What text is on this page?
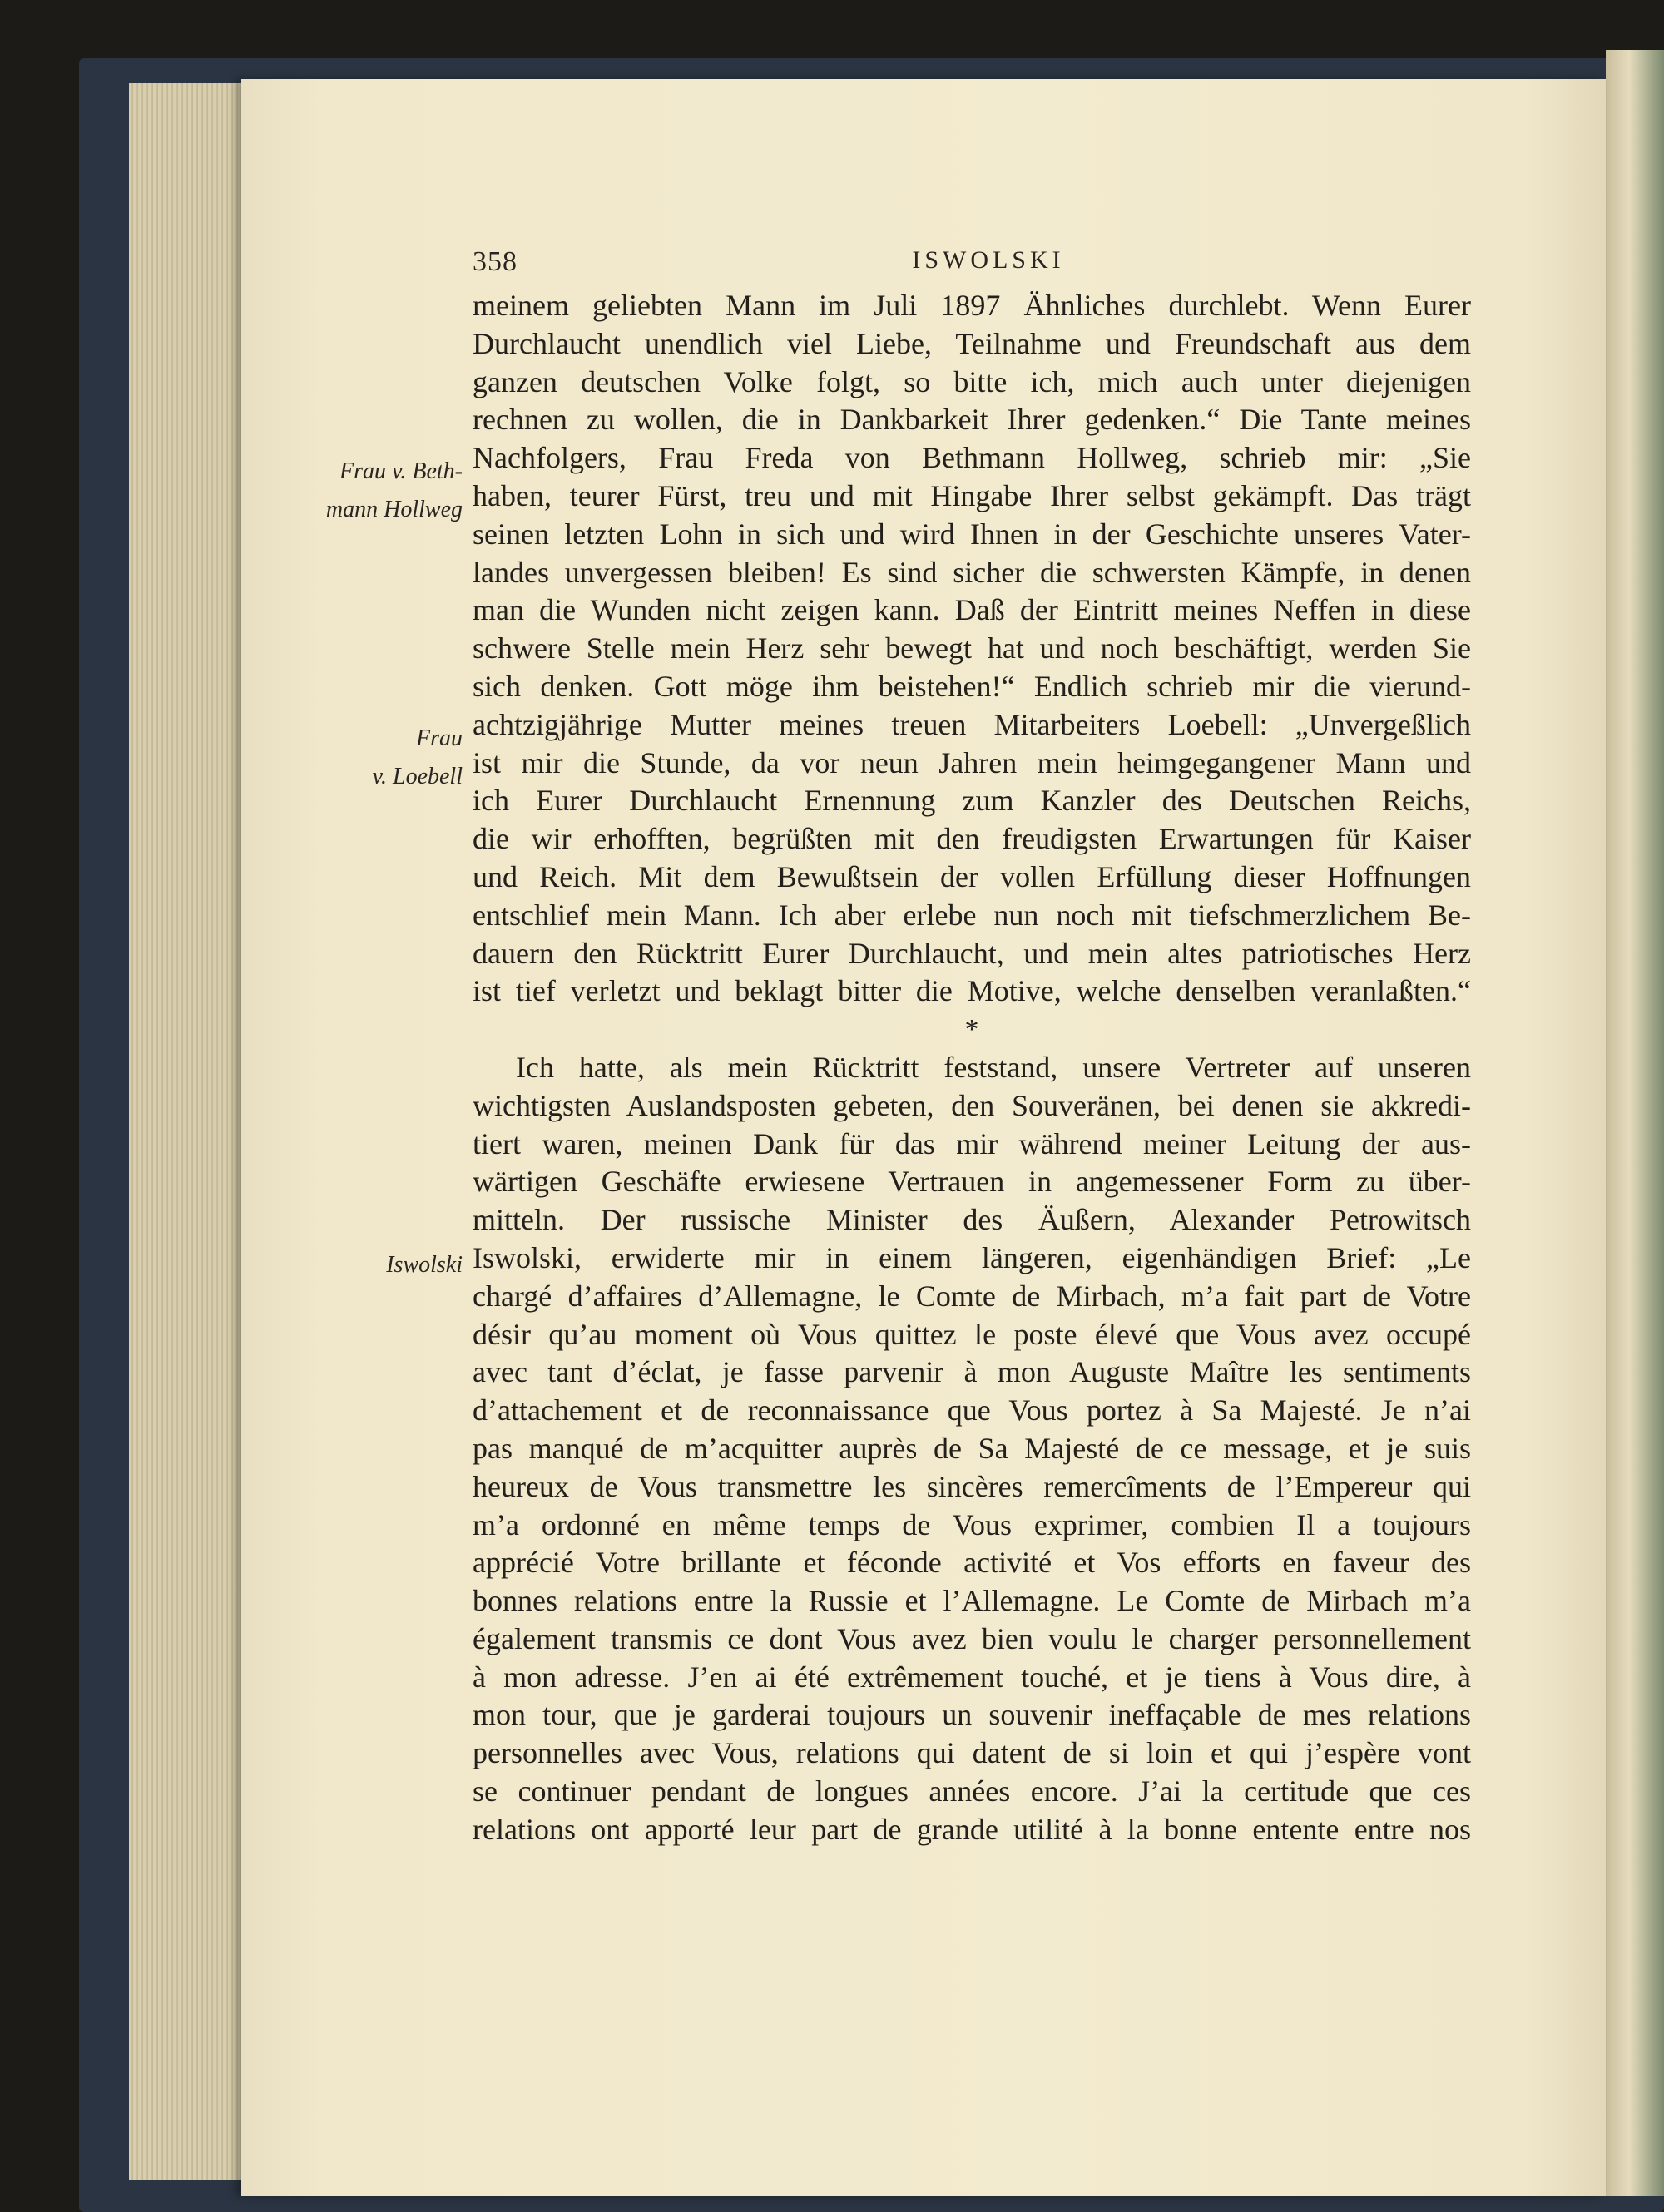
358	ISWOLSKI
Frau v. Beth-
mann Hollweg
Frau
v. Loebell
Iswolski
meinem geliebten Mann im Juli 1897 Ähnliches durchlebt. Wenn Eurer
Durchlaucht unendlich viel Liebe, Teilnahme und Freundschaft aus dem
ganzen deutschen Volke folgt, so bitte ich, mich auch unter diejenigen
rechnen zu wollen, die in Dankbarkeit Ihrer gedenken.“ Die Tante meines
Nachfolgers, Frau Freda von Bethmann Hollweg, schrieb mir: „Sie
haben, teurer Fürst, treu und mit Hingabe Ihrer selbst gekämpft. Das trägt
seinen letzten Lohn in sich und wird Ihnen in der Geschichte unseres Vater-
landes unvergessen bleiben! Es sind sicher die schwersten Kämpfe, in denen
man die Wunden nicht zeigen kann. Daß der Eintritt meines Neffen in diese
schwere Stelle mein Herz sehr bewegt hat und noch beschäftigt, werden Sie
sich denken. Gott möge ihm beistehen!“ Endlich schrieb mir die vierund-
achtzigjährige Mutter meines treuen Mitarbeiters Loebell: „Unvergeßlich
ist mir die Stunde, da vor neun Jahren mein heimgegangener Mann und
ich Eurer Durchlaucht Ernennung zum Kanzler des Deutschen Reichs,
die wir erhofften, begrüßten mit den freudigsten Erwartungen für Kaiser
und Reich. Mit dem Bewußtsein der vollen Erfüllung dieser Hoffnungen
entschlief mein Mann. Ich aber erlebe nun noch mit tiefschmerzlichem Be-
dauern den Rücktritt Eurer Durchlaucht, und mein altes patriotisches Herz
ist tief verletzt und beklagt bitter die Motive, welche denselben veranlaßten.“
*
Ich hatte, als mein Rücktritt feststand, unsere Vertreter auf unseren
wichtigsten Auslandsposten gebeten, den Souveränen, bei denen sie akkredi-
tiert waren, meinen Dank für das mir während meiner Leitung der aus-
wärtigen Geschäfte erwiesene Vertrauen in angemessener Form zu über-
mitteln. Der russische Minister des Äußern, Alexander Petrowitsch
Iswolski, erwiderte mir in einem längeren, eigenhändigen Brief: „Le
chargé d’affaires d’Allemagne, le Comte de Mirbach, m’a fait part de Votre
désir qu’au moment où Vous quittez le poste élevé que Vous avez occupé
avec tant d’éclat, je fasse parvenir à mon Auguste Maître les sentiments
d’attachement et de reconnaissance que Vous portez à Sa Majesté. Je n’ai
pas manqué de m’acquitter auprès de Sa Majesté de ce message, et je suis
heureux de Vous transmettre les sincères remercîments de l’Empereur qui
m’a ordonné en même temps de Vous exprimer, combien Il a toujours
apprécié Votre brillante et féconde activité et Vos efforts en faveur des
bonnes relations entre la Russie et l’Allemagne. Le Comte de Mirbach m’a
également transmis ce dont Vous avez bien voulu le charger personnellement
à mon adresse. J’en ai été extrêmement touché, et je tiens à Vous dire, à
mon tour, que je garderai toujours un souvenir ineffaçable de mes relations
personnelles avec Vous, relations qui datent de si loin et qui j’espère vont
se continuer pendant de longues années encore. J’ai la certitude que ces
relations ont apporté leur part de grande utilité à la bonne entente entre nos
